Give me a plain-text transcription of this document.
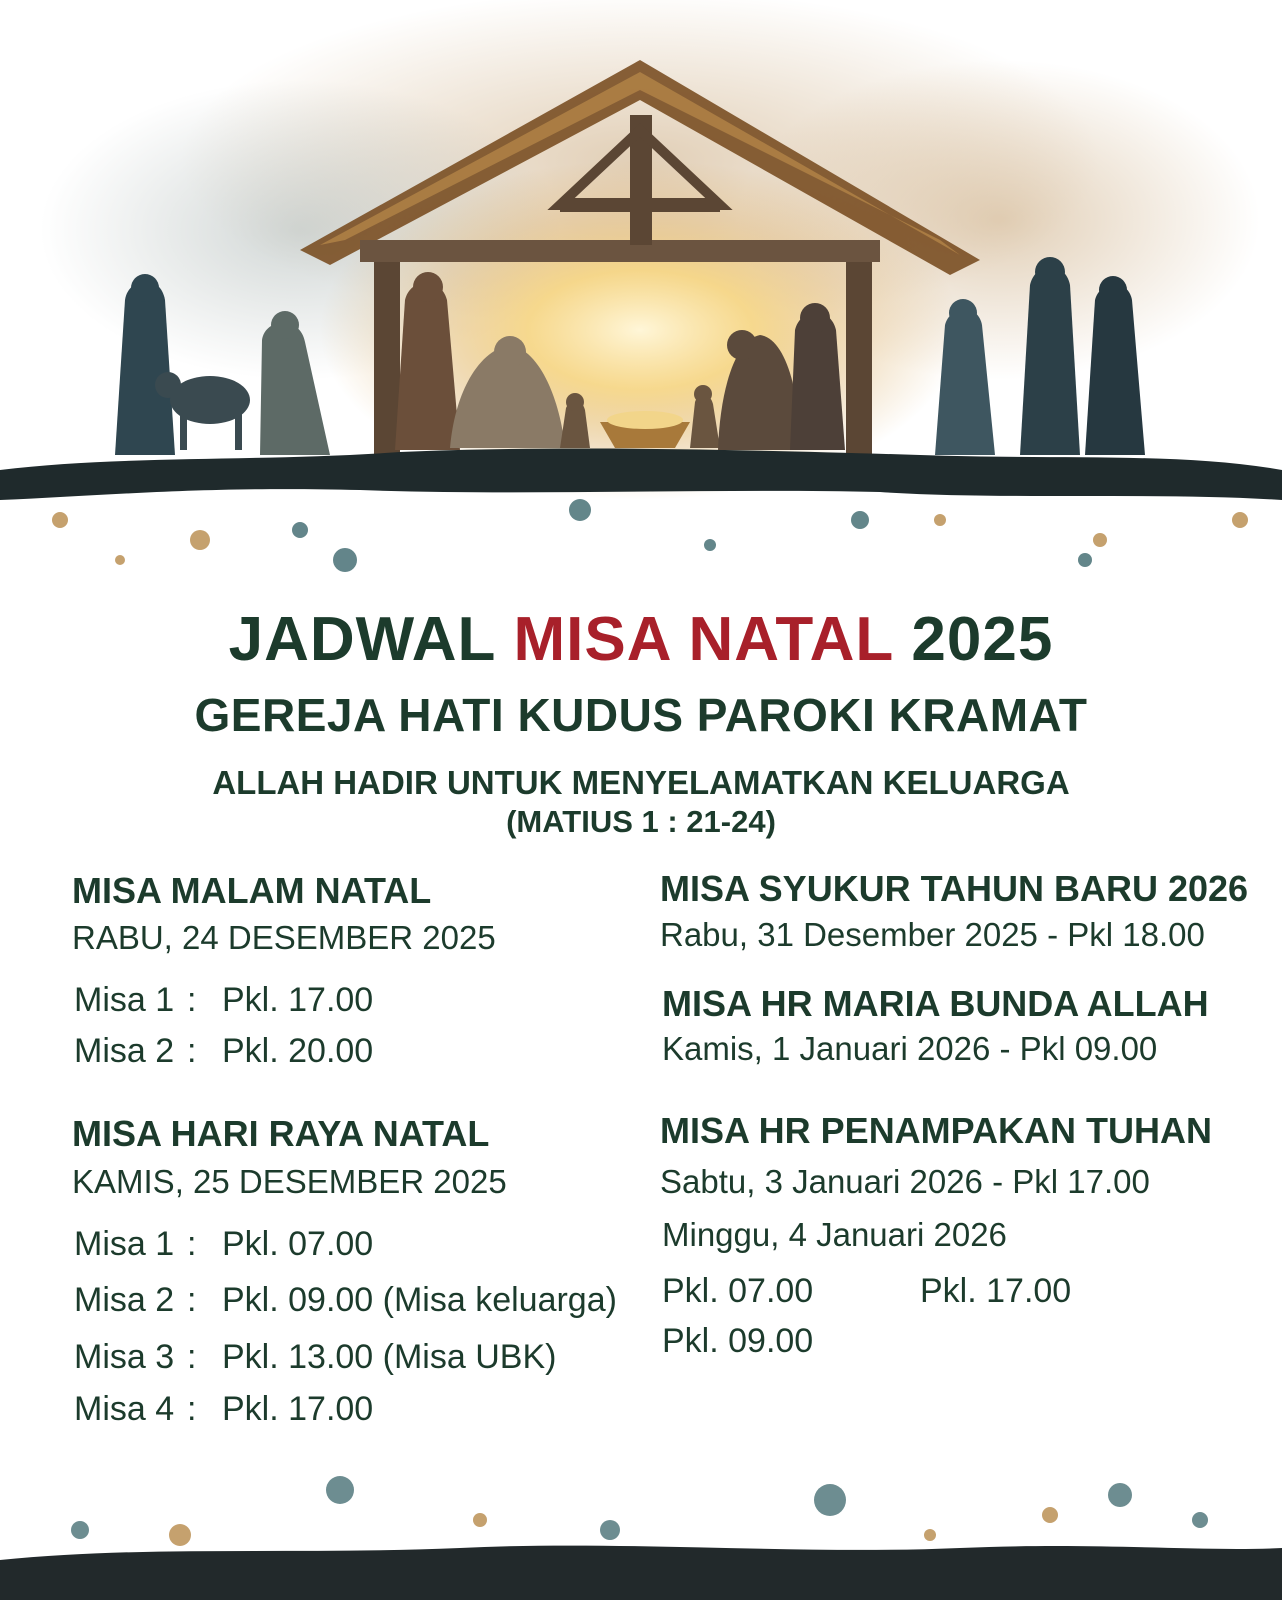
JADWAL MISA NATAL 2025
GEREJA HATI KUDUS PAROKI KRAMAT
ALLAH HADIR UNTUK MENYELAMATKAN KELUARGA
(MATIUS 1 : 21-24)
MISA MALAM NATAL
RABU, 24 DESEMBER 2025
Misa 1 : Pkl. 17.00
Misa 2 : Pkl. 20.00
MISA HARI RAYA NATAL
KAMIS, 25 DESEMBER 2025
Misa 1 : Pkl. 07.00
Misa 2 : Pkl. 09.00 (Misa keluarga)
Misa 3 : Pkl. 13.00 (Misa UBK)
Misa 4 : Pkl. 17.00
MISA SYUKUR TAHUN BARU 2026
Rabu, 31 Desember 2025 - Pkl 18.00
MISA HR MARIA BUNDA ALLAH
Kamis, 1 Januari 2026 - Pkl 09.00
MISA HR PENAMPAKAN TUHAN
Sabtu, 3 Januari 2026 - Pkl 17.00
Minggu, 4 Januari 2026
Pkl. 07.00	Pkl. 17.00
Pkl. 09.00
